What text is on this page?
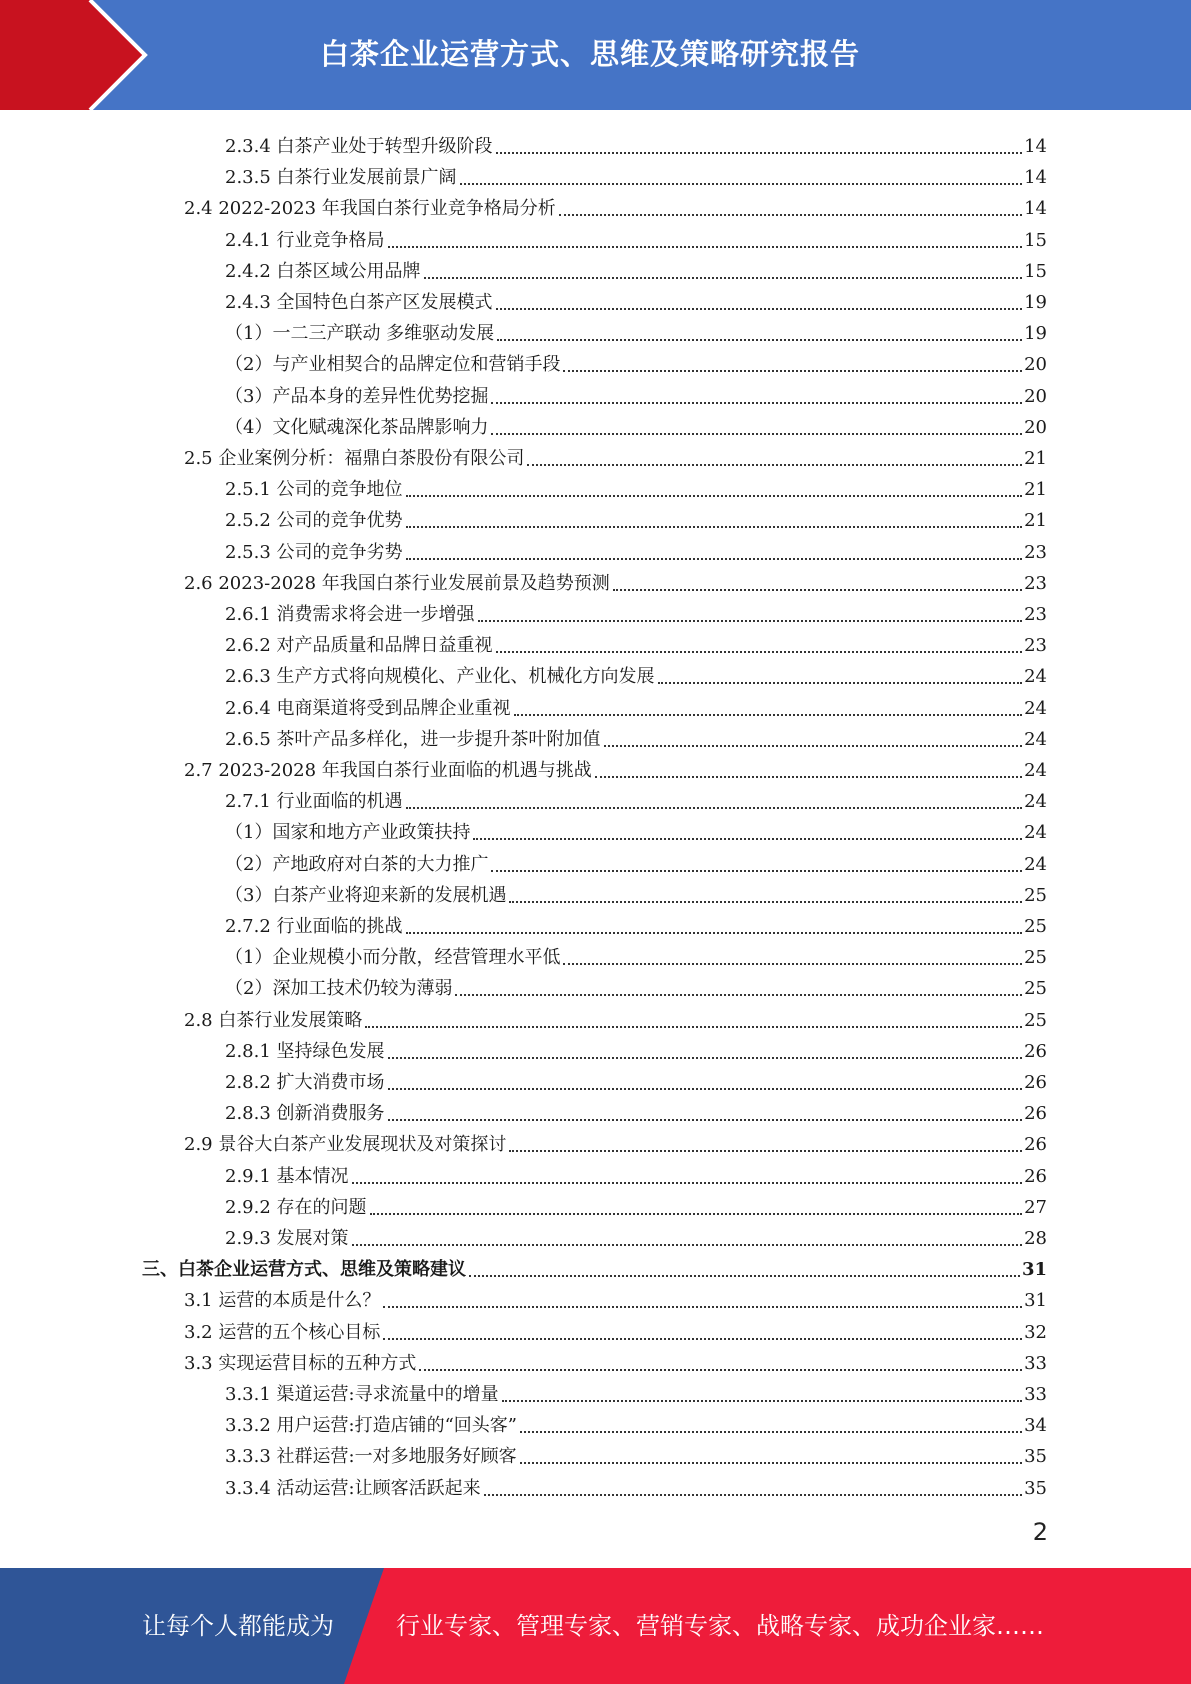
白茶企业运营方式、思维及策略研究报告
2.3.4 白茶产业处于转型升级阶段	14
2.3.5 白茶行业发展前景广阔	14
2.4 2022-2023 年我国白茶行业竞争格局分析	14
2.4.1 行业竞争格局	15
2.4.2 白茶区域公用品牌	15
2.4.3 全国特色白茶产区发展模式	19
（1）一二三产联动 多维驱动发展	19
（2）与产业相契合的品牌定位和营销手段	20
（3）产品本身的差异性优势挖掘	20
（4）文化赋魂深化茶品牌影响力	20
2.5 企业案例分析：福鼎白茶股份有限公司	21
2.5.1 公司的竞争地位	21
2.5.2 公司的竞争优势	21
2.5.3 公司的竞争劣势	23
2.6 2023-2028 年我国白茶行业发展前景及趋势预测	23
2.6.1 消费需求将会进一步增强	23
2.6.2 对产品质量和品牌日益重视	23
2.6.3 生产方式将向规模化、产业化、机械化方向发展	24
2.6.4 电商渠道将受到品牌企业重视	24
2.6.5 茶叶产品多样化，进一步提升茶叶附加值	24
2.7 2023-2028 年我国白茶行业面临的机遇与挑战	24
2.7.1 行业面临的机遇	24
（1）国家和地方产业政策扶持	24
（2）产地政府对白茶的大力推广	24
（3）白茶产业将迎来新的发展机遇	25
2.7.2 行业面临的挑战	25
（1）企业规模小而分散，经营管理水平低	25
（2）深加工技术仍较为薄弱	25
2.8 白茶行业发展策略	25
2.8.1 坚持绿色发展	26
2.8.2 扩大消费市场	26
2.8.3 创新消费服务	26
2.9 景谷大白茶产业发展现状及对策探讨	26
2.9.1 基本情况	26
2.9.2 存在的问题	27
2.9.3 发展对策	28
三、白茶企业运营方式、思维及策略建议	31
3.1 运营的本质是什么？	31
3.2 运营的五个核心目标	32
3.3 实现运营目标的五种方式	33
3.3.1 渠道运营:寻求流量中的增量	33
3.3.2 用户运营:打造店铺的“回头客”	34
3.3.3 社群运营:一对多地服务好顾客	35
3.3.4 活动运营:让顾客活跃起来	35
2
让每个人都能成为	行业专家、管理专家、营销专家、战略专家、成功企业家……
